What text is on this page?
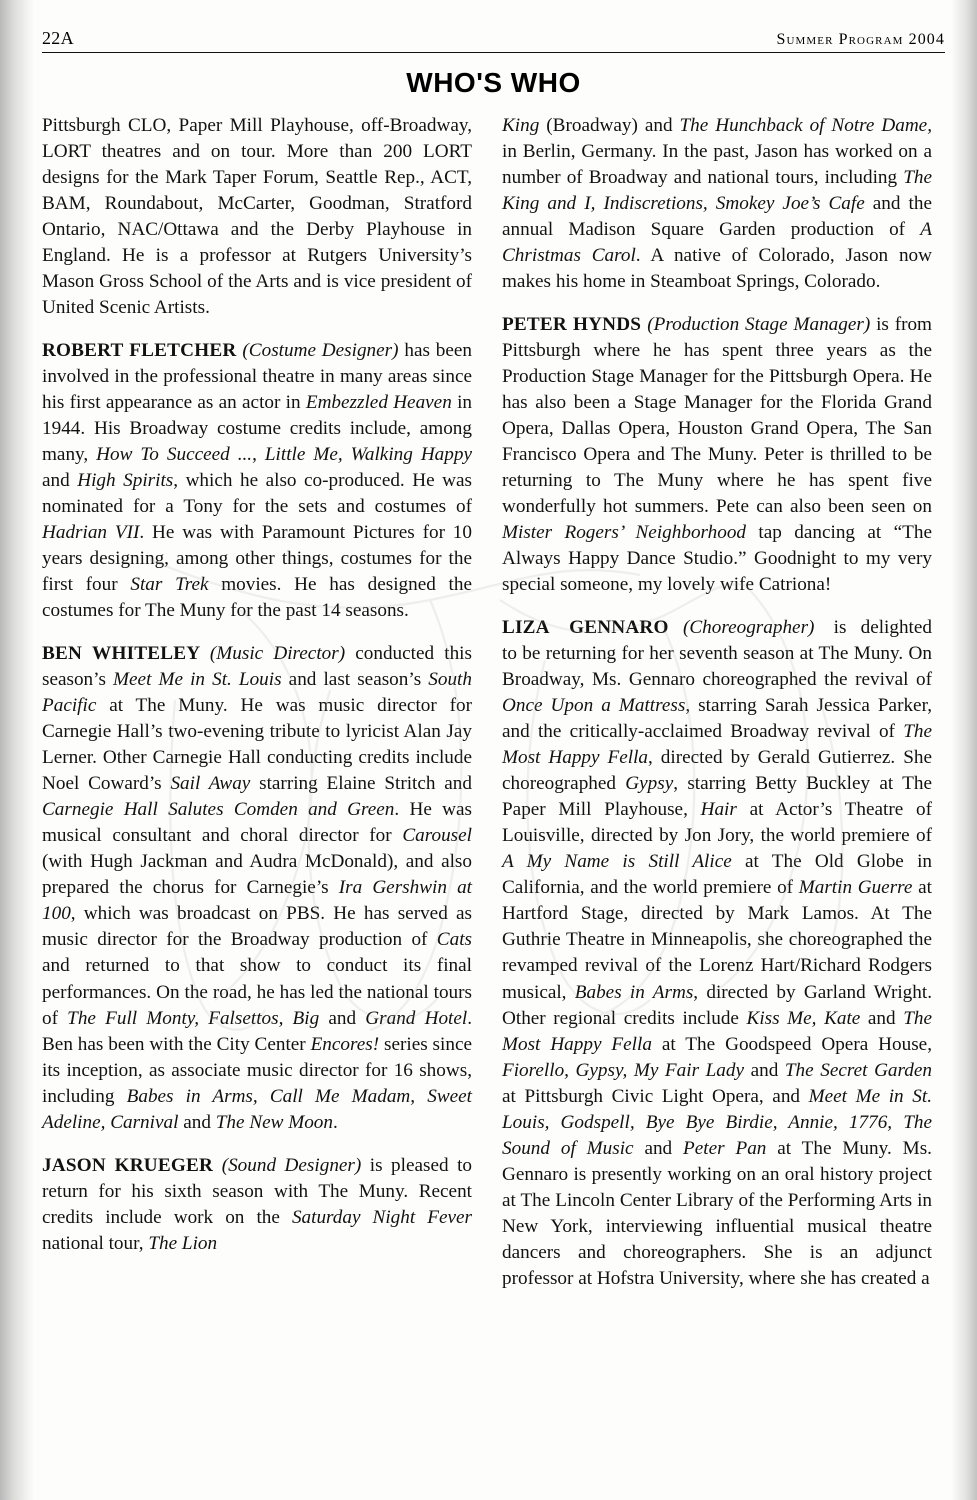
22A	Summer Program 2004
WHO'S WHO

Pittsburgh CLO, Paper Mill Playhouse, off-Broadway, LORT theatres and on tour. More than 200 LORT designs for the Mark Taper Forum, Seattle Rep., ACT, BAM, Roundabout, McCarter, Goodman, Stratford Ontario, NAC/Ottawa and the Derby Playhouse in England. He is a professor at Rutgers University’s Mason Gross School of the Arts and is vice president of United Scenic Artists.

ROBERT FLETCHER (Costume Designer) has been involved in the professional theatre in many areas since his first appearance as an actor in Embezzled Heaven in 1944. His Broadway costume credits include, among many, How To Succeed ..., Little Me, Walking Happy and High Spirits, which he also co-produced. He was nominated for a Tony for the sets and costumes of Hadrian VII. He was with Paramount Pictures for 10 years designing, among other things, costumes for the first four Star Trek movies. He has designed the costumes for The Muny for the past 14 seasons.

BEN WHITELEY (Music Director) conducted this season’s Meet Me in St. Louis and last season’s South Pacific at The Muny. He was music director for Carnegie Hall’s two-evening tribute to lyricist Alan Jay Lerner. Other Carnegie Hall conducting credits include Noel Coward’s Sail Away starring Elaine Stritch and Carnegie Hall Salutes Comden and Green. He was musical consultant and choral director for Carousel (with Hugh Jackman and Audra McDonald), and also prepared the chorus for Carnegie’s Ira Gershwin at 100, which was broadcast on PBS. He has served as music director for the Broadway production of Cats and returned to that show to conduct its final performances. On the road, he has led the national tours of The Full Monty, Falsettos, Big and Grand Hotel. Ben has been with the City Center Encores! series since its inception, as associate music director for 16 shows, including Babes in Arms, Call Me Madam, Sweet Adeline, Carnival and The New Moon.

JASON KRUEGER (Sound Designer) is pleased to return for his sixth season with The Muny. Recent credits include work on the Saturday Night Fever national tour, The Lion

King (Broadway) and The Hunchback of Notre Dame, in Berlin, Germany. In the past, Jason has worked on a number of Broadway and national tours, including The King and I, Indiscretions, Smokey Joe’s Cafe and the annual Madison Square Garden production of A Christmas Carol. A native of Colorado, Jason now makes his home in Steamboat Springs, Colorado.

PETER HYNDS (Production Stage Manager) is from Pittsburgh where he has spent three years as the Production Stage Manager for the Pittsburgh Opera. He has also been a Stage Manager for the Florida Grand Opera, Dallas Opera, Houston Grand Opera, The San Francisco Opera and The Muny. Peter is thrilled to be returning to The Muny where he has spent five wonderfully hot summers. Pete can also been seen on Mister Rogers’ Neighborhood tap dancing at “The Always Happy Dance Studio.” Goodnight to my very special someone, my lovely wife Catriona!

LIZA GENNARO (Choreographer) is delighted to be returning for her seventh season at The Muny. On Broadway, Ms. Gennaro choreographed the revival of Once Upon a Mattress, starring Sarah Jessica Parker, and the critically-acclaimed Broadway revival of The Most Happy Fella, directed by Gerald Gutierrez. She choreographed Gypsy, starring Betty Buckley at The Paper Mill Playhouse, Hair at Actor’s Theatre of Louisville, directed by Jon Jory, the world premiere of A My Name is Still Alice at The Old Globe in California, and the world premiere of Martin Guerre at Hartford Stage, directed by Mark Lamos. At The Guthrie Theatre in Minneapolis, she choreographed the revamped revival of the Lorenz Hart/Richard Rodgers musical, Babes in Arms, directed by Garland Wright. Other regional credits include Kiss Me, Kate and The Most Happy Fella at The Goodspeed Opera House, Fiorello, Gypsy, My Fair Lady and The Secret Garden at Pittsburgh Civic Light Opera, and Meet Me in St. Louis, Godspell, Bye Bye Birdie, Annie, 1776, The Sound of Music and Peter Pan at The Muny. Ms. Gennaro is presently working on an oral history project at The Lincoln Center Library of the Performing Arts in New York, interviewing influential musical theatre dancers and choreographers. She is an adjunct professor at Hofstra University, where she has created a
